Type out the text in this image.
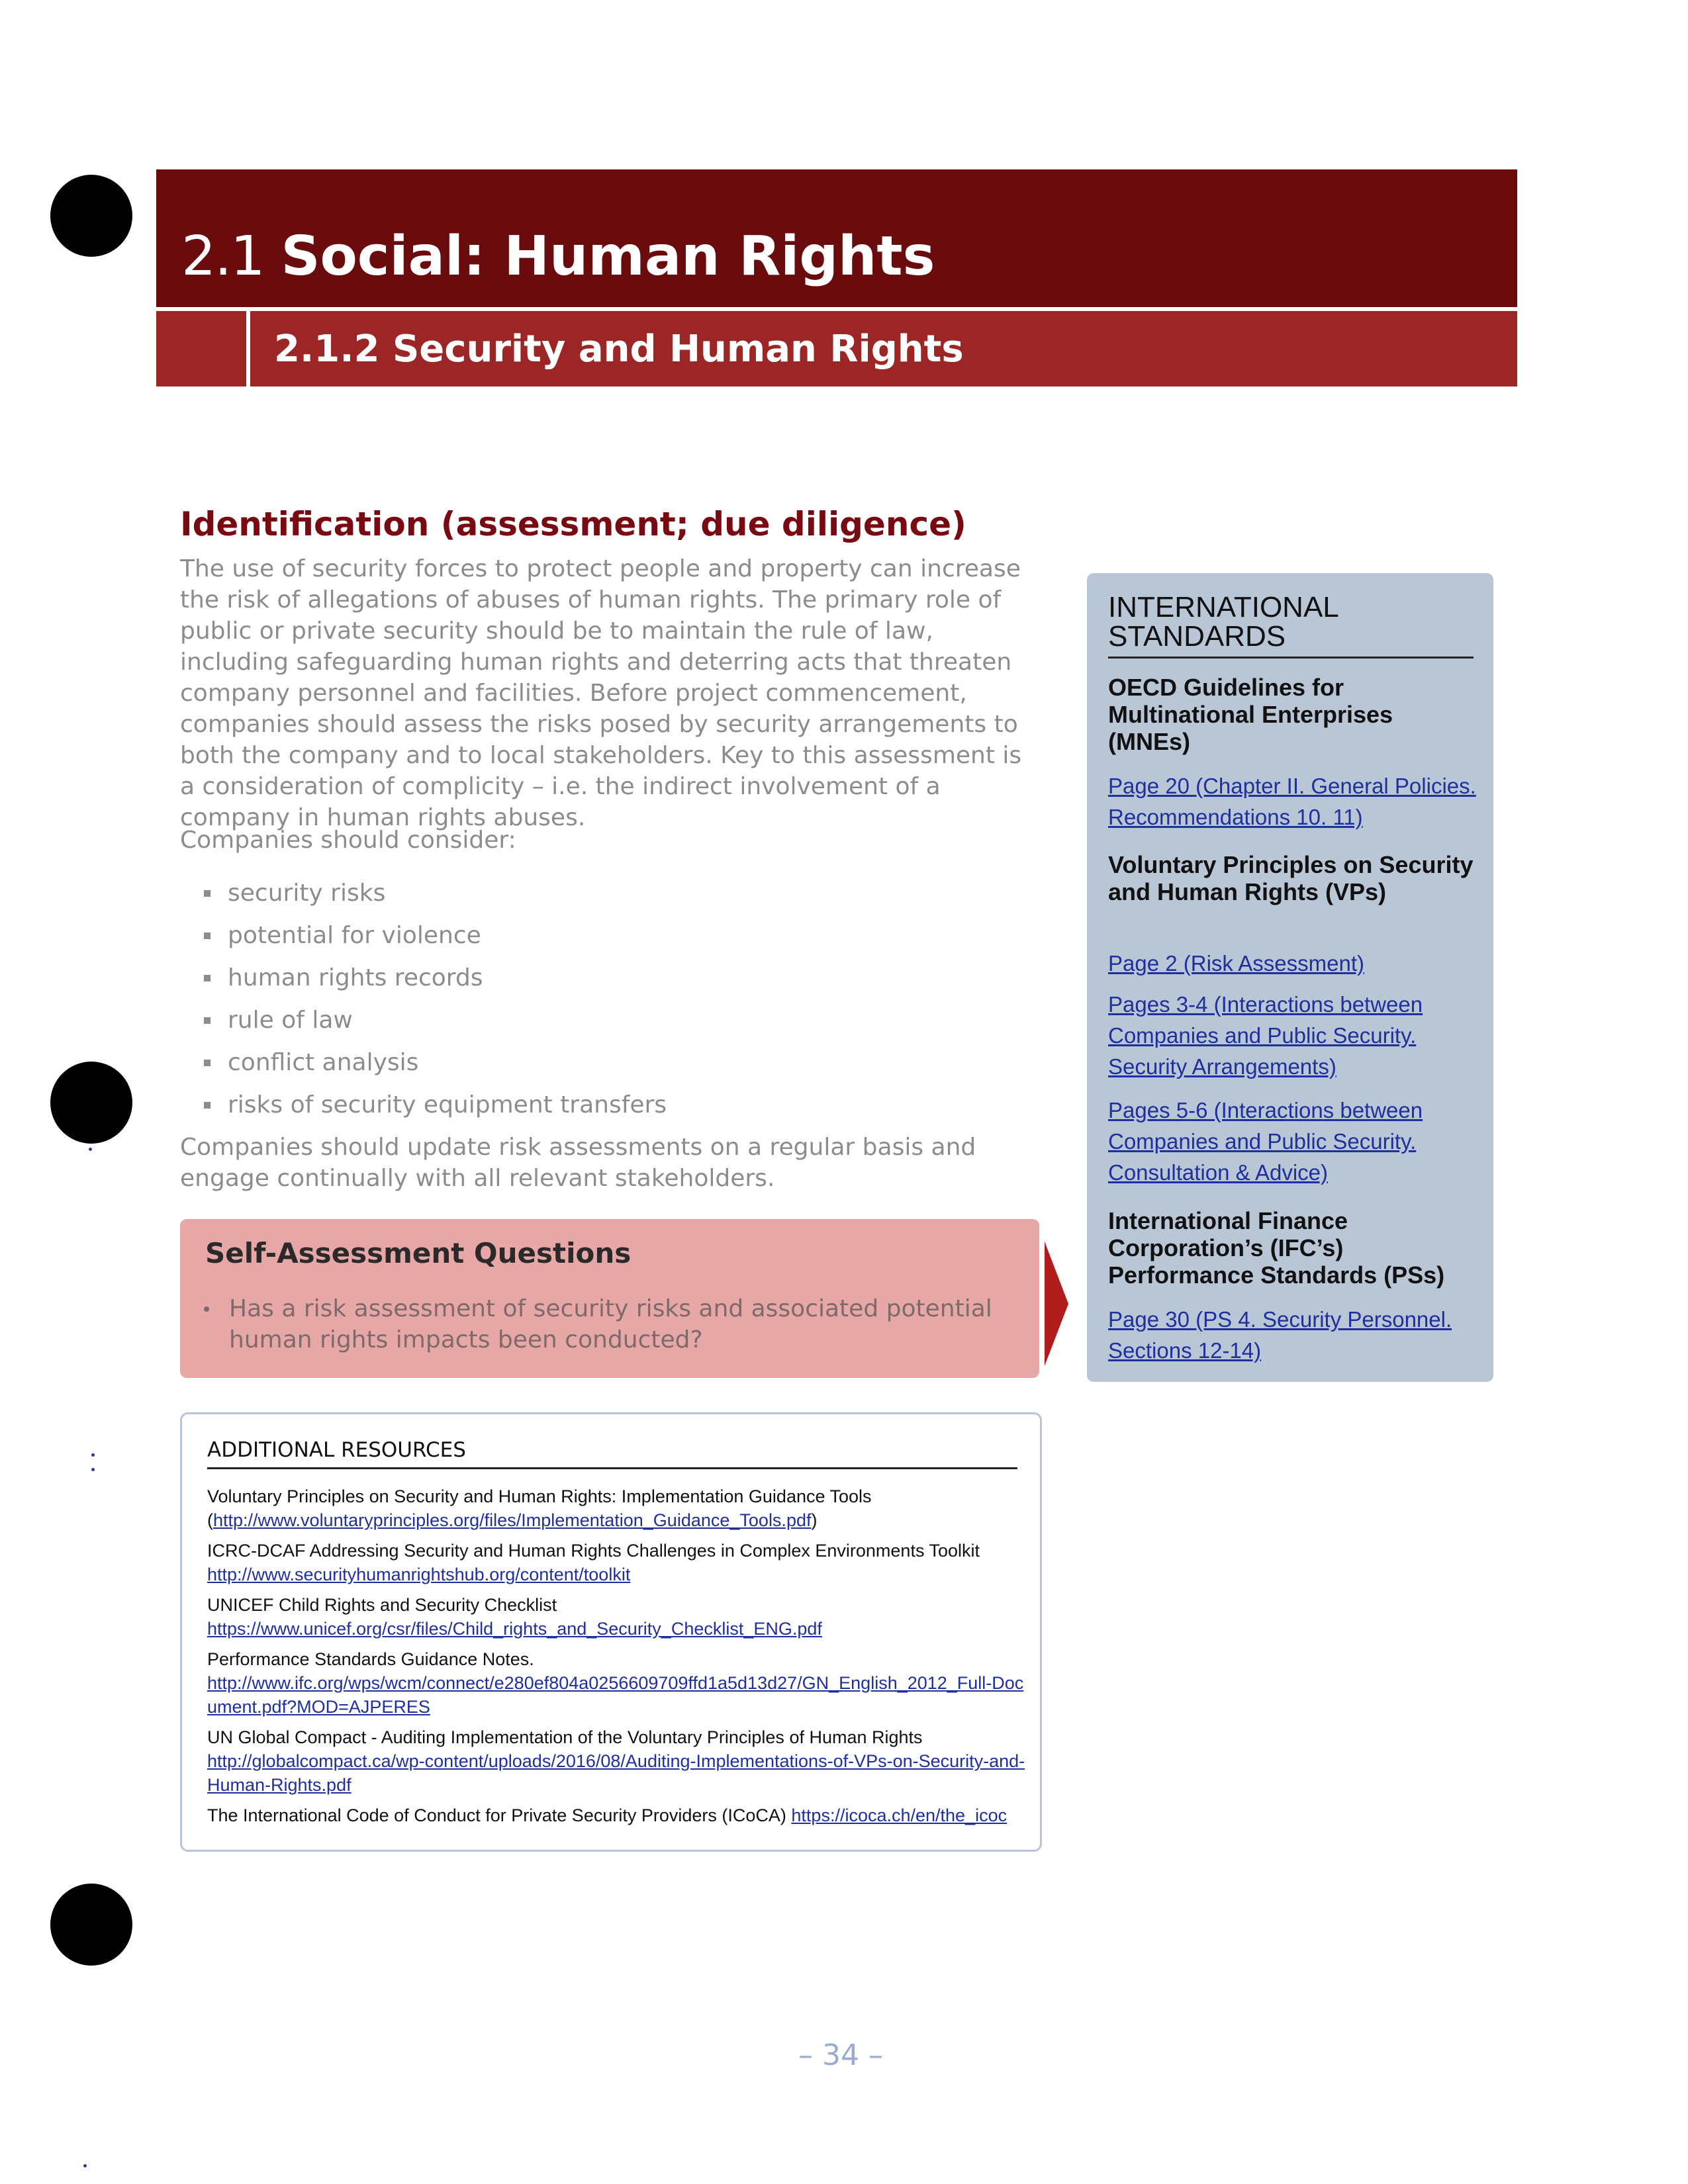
2.1 Social: Human Rights
2.1.2 Security and Human Rights
Identification (assessment; due diligence)

The use of security forces to protect people and property can increase the risk of allegations of abuses of human rights. The primary role of public or private security should be to maintain the rule of law, including safeguarding human rights and deterring acts that threaten company personnel and facilities. Before project commencement, companies should assess the risks posed by security arrangements to both the company and to local stakeholders. Key to this assessment is a consideration of complicity – i.e. the indirect involvement of a company in human rights abuses.

Companies should consider:

security risks
potential for violence
human rights records
rule of law
conflict analysis
risks of security equipment transfers

Companies should update risk assessments on a regular basis and engage continually with all relevant stakeholders.

Self-Assessment Questions
Has a risk assessment of security risks and associated potential human rights impacts been conducted?
ADDITIONAL RESOURCES
Voluntary Principles on Security and Human Rights: Implementation Guidance Tools
(http://www.voluntaryprinciples.org/files/Implementation_Guidance_Tools.pdf)
ICRC-DCAF Addressing Security and Human Rights Challenges in Complex Environments Toolkit
http://www.securityhumanrightshub.org/content/toolkit
UNICEF Child Rights and Security Checklist
https://www.unicef.org/csr/files/Child_rights_and_Security_Checklist_ENG.pdf
Performance Standards Guidance Notes.
http://www.ifc.org/wps/wcm/connect/e280ef804a0256609709ffd1a5d13d27/GN_English_2012_Full-Document.pdf?MOD=AJPERES
UN Global Compact - Auditing Implementation of the Voluntary Principles of Human Rights
http://globalcompact.ca/wp-content/uploads/2016/08/Auditing-Implementations-of-VPs-on-Security-and-Human-Rights.pdf
The International Code of Conduct for Private Security Providers (ICoCA) https://icoca.ch/en/the_icoc
INTERNATIONAL STANDARDS
OECD Guidelines for Multinational Enterprises (MNEs)
Page 20 (Chapter II. General Policies. Recommendations 10. 11)
Voluntary Principles on Security and Human Rights (VPs)
Page 2 (Risk Assessment)
Pages 3-4 (Interactions between Companies and Public Security. Security Arrangements)
Pages 5-6 (Interactions between Companies and Public Security. Consultation & Advice)
International Finance Corporation’s (IFC’s) Performance Standards (PSs)
Page 30 (PS 4. Security Personnel. Sections 12-14)
– 34 –
